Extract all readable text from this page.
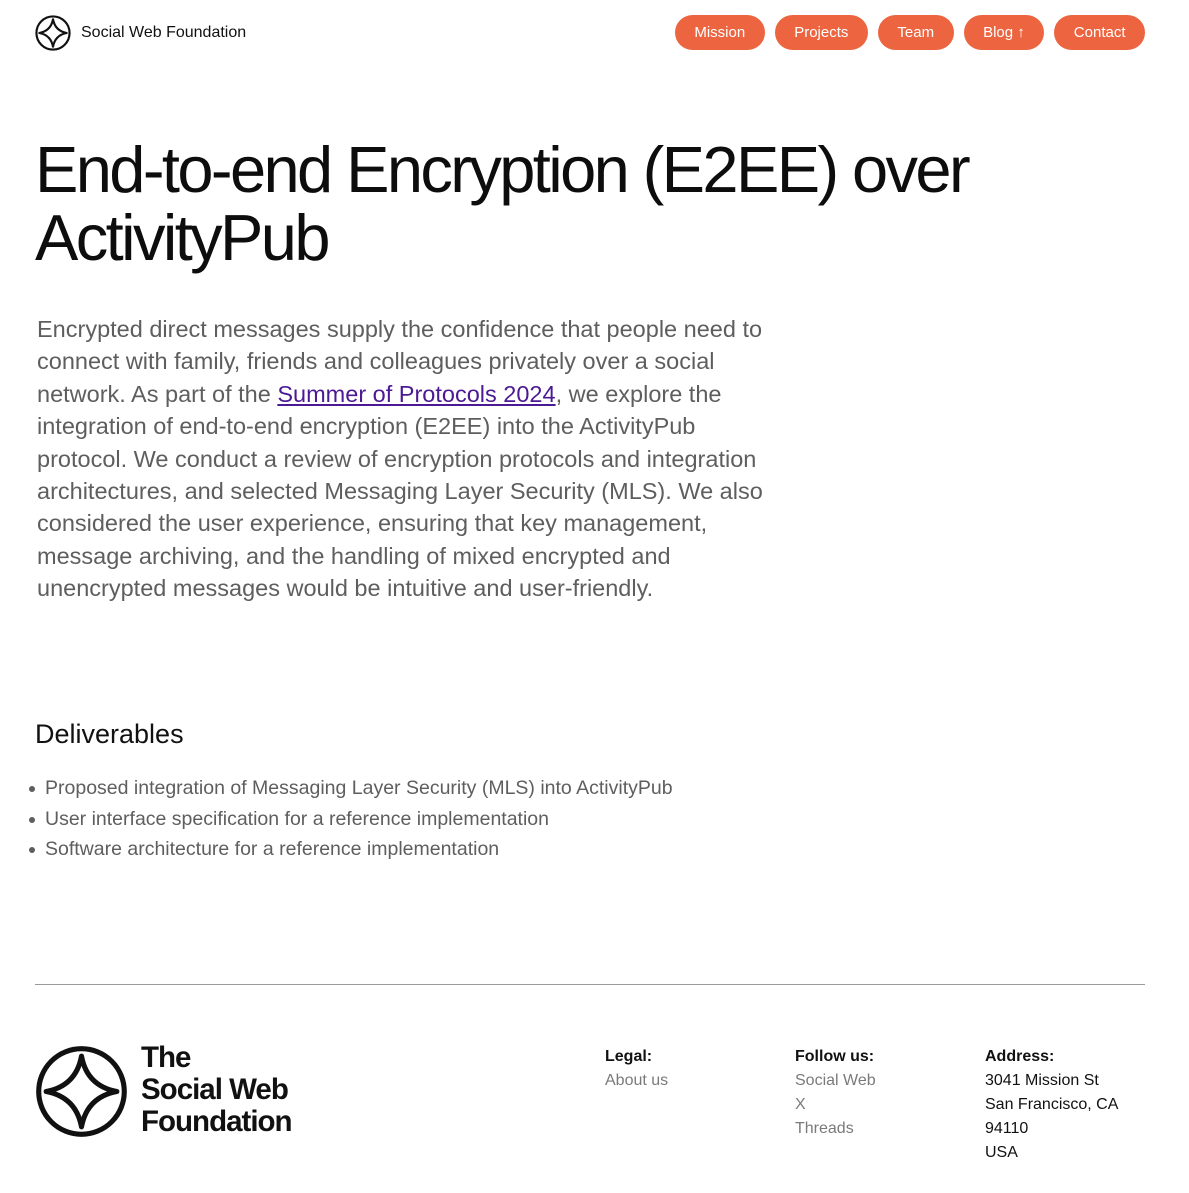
Social Web Foundation	Mission	Projects	Team	Blog ↑	Contact
End-to-end Encryption (E2EE) over ActivityPub

Encrypted direct messages supply the confidence that people need to connect with family, friends and colleagues privately over a social network. As part of the Summer of Protocols 2024, we explore the integration of end-to-end encryption (E2EE) into the ActivityPub protocol. We conduct a review of encryption protocols and integration architectures, and selected Messaging Layer Security (MLS). We also considered the user experience, ensuring that key management, message archiving, and the handling of mixed encrypted and unencrypted messages would be intuitive and user-friendly.

Deliverables
Proposed integration of Messaging Layer Security (MLS) into ActivityPub
User interface specification for a reference implementation
Software architecture for a reference implementation
The
Social Web
Foundation
Legal:
About us
Follow us:
Social Web
X
Threads
Address:
3041 Mission St
San Francisco, CA
94110
USA
